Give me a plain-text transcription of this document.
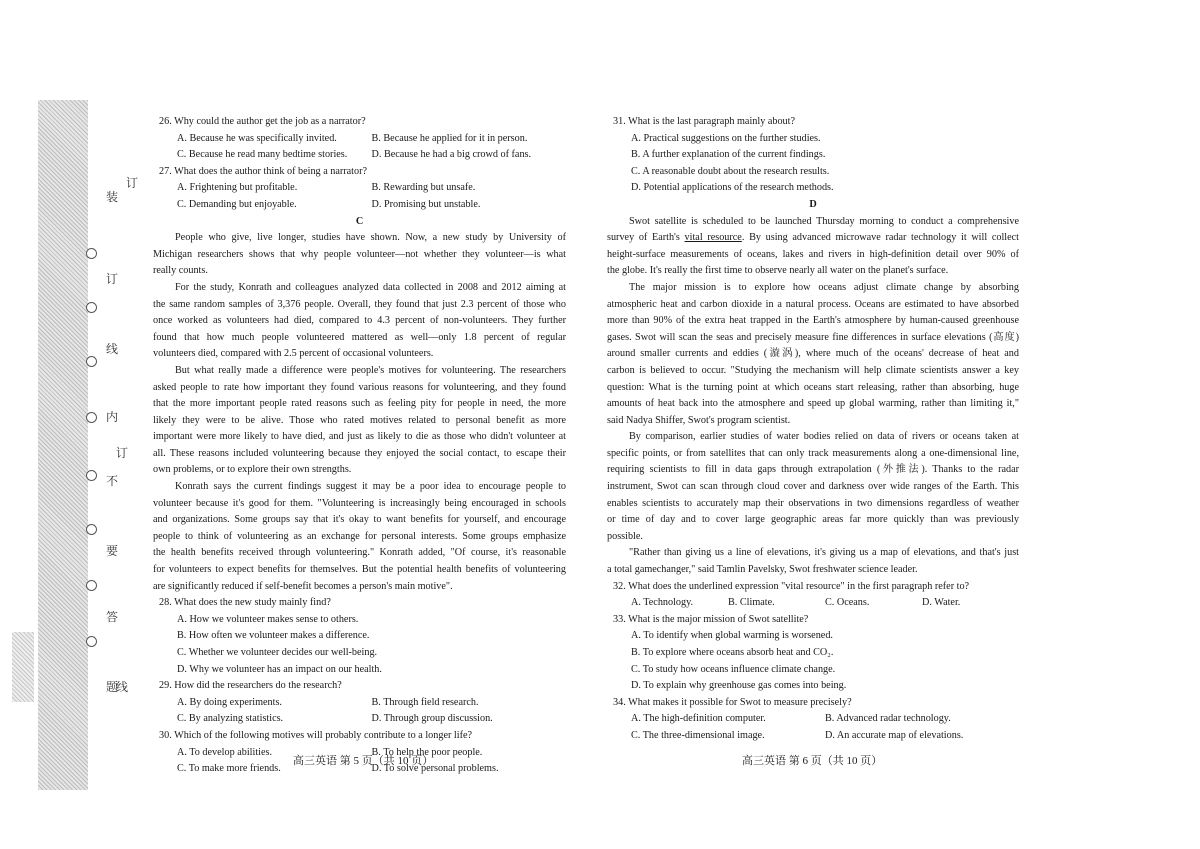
装
订
订
线
内
订
不
要
答
题
线
26. Why could the author get the job as a narrator?
A. Because he was specifically invited.	B. Because he applied for it in person.
C. Because he read many bedtime stories.	D. Because he had a big crowd of fans.
27. What does the author think of being a narrator?
A. Frightening but profitable.	B. Rewarding but unsafe.
C. Demanding but enjoyable.	D. Promising but unstable.
C
People who give, live longer, studies have shown. Now, a new study by University of
Michigan researchers shows that why people volunteer—not whether they volunteer—is what
really counts.
For the study, Konrath and colleagues analyzed data collected in 2008 and 2012 aiming at
the same random samples of 3,376 people. Overall, they found that just 2.3 percent of those who
once worked as volunteers had died, compared to 4.3 percent of non-volunteers. They further
found that how much people volunteered mattered as well—only 1.8 percent of regular
volunteers died, compared with 2.5 percent of occasional volunteers.
But what really made a difference were people's motives for volunteering. The researchers
asked people to rate how important they found various reasons for volunteering, and they found
that the more important people rated reasons such as feeling pity for people in need, the more
likely they were to be alive. Those who rated motives related to personal benefit as more
important were more likely to have died, and just as likely to die as those who didn't volunteer at
all. These reasons included volunteering because they enjoyed the social contact, to escape their
own problems, or to explore their own strengths.
Konrath says the current findings suggest it may be a poor idea to encourage people to
volunteer because it's good for them. "Volunteering is increasingly being encouraged in schools
and organizations. Some groups say that it's okay to want benefits for yourself, and encourage
people to think of volunteering as an exchange for personal interests. Some groups emphasize
the health benefits received through volunteering." Konrath added, "Of course, it's reasonable
for volunteers to expect benefits for themselves. But the potential health benefits of volunteering
are significantly reduced if self-benefit becomes a person's main motive".
28. What does the new study mainly find?
A. How we volunteer makes sense to others.
B. How often we volunteer makes a difference.
C. Whether we volunteer decides our well-being.
D. Why we volunteer has an impact on our health.
29. How did the researchers do the research?
A. By doing experiments.	B. Through field research.
C. By analyzing statistics.	D. Through group discussion.
30. Which of the following motives will probably contribute to a longer life?
A. To develop abilities.	B. To help the poor people.
C. To make more friends.	D. To solve personal problems.
高三英语 第 5 页（共 10 页）
31. What is the last paragraph mainly about?
A. Practical suggestions on the further studies.
B. A further explanation of the current findings.
C. A reasonable doubt about the research results.
D. Potential applications of the research methods.
D
Swot satellite is scheduled to be launched Thursday morning to conduct a comprehensive
survey of Earth's vital resource. By using advanced microwave radar technology it will collect
height-surface measurements of oceans, lakes and rivers in high-definition detail over 90% of
the globe. It's really the first time to observe nearly all water on the planet's surface.
The major mission is to explore how oceans adjust climate change by absorbing
atmospheric heat and carbon dioxide in a natural process. Oceans are estimated to have absorbed
more than 90% of the extra heat trapped in the Earth's atmosphere by human-caused greenhouse
gases. Swot will scan the seas and precisely measure fine differences in surface elevations (高度)
around smaller currents and eddies (漩涡), where much of the oceans' decrease of heat and
carbon is believed to occur. "Studying the mechanism will help climate scientists answer a key
question: What is the turning point at which oceans start releasing, rather than absorbing, huge
amounts of heat back into the atmosphere and speed up global warming, rather than limiting it,"
said Nadya Shiffer, Swot's program scientist.
By comparison, earlier studies of water bodies relied on data of rivers or oceans taken at
specific points, or from satellites that can only track measurements along a one-dimensional line,
requiring scientists to fill in data gaps through extrapolation (外推法). Thanks to the radar
instrument, Swot can scan through cloud cover and darkness over wide ranges of the Earth. This
enables scientists to accurately map their observations in two dimensions regardless of weather
or time of day and to cover large geographic areas far more quickly than was previously
possible.
"Rather than giving us a line of elevations, it's giving us a map of elevations, and that's just
a total gamechanger," said Tamlin Pavelsky, Swot freshwater science leader.
32. What does the underlined expression "vital resource" in the first paragraph refer to?
A. Technology.	B. Climate.	C. Oceans.	D. Water.
33. What is the major mission of Swot satellite?
A. To identify when global warming is worsened.
B. To explore where oceans absorb heat and CO₂.
C. To study how oceans influence climate change.
D. To explain why greenhouse gas comes into being.
34. What makes it possible for Swot to measure precisely?
A. The high-definition computer.	B. Advanced radar technology.
C. The three-dimensional image.	D. An accurate map of elevations.
高三英语 第 6 页（共 10 页）
